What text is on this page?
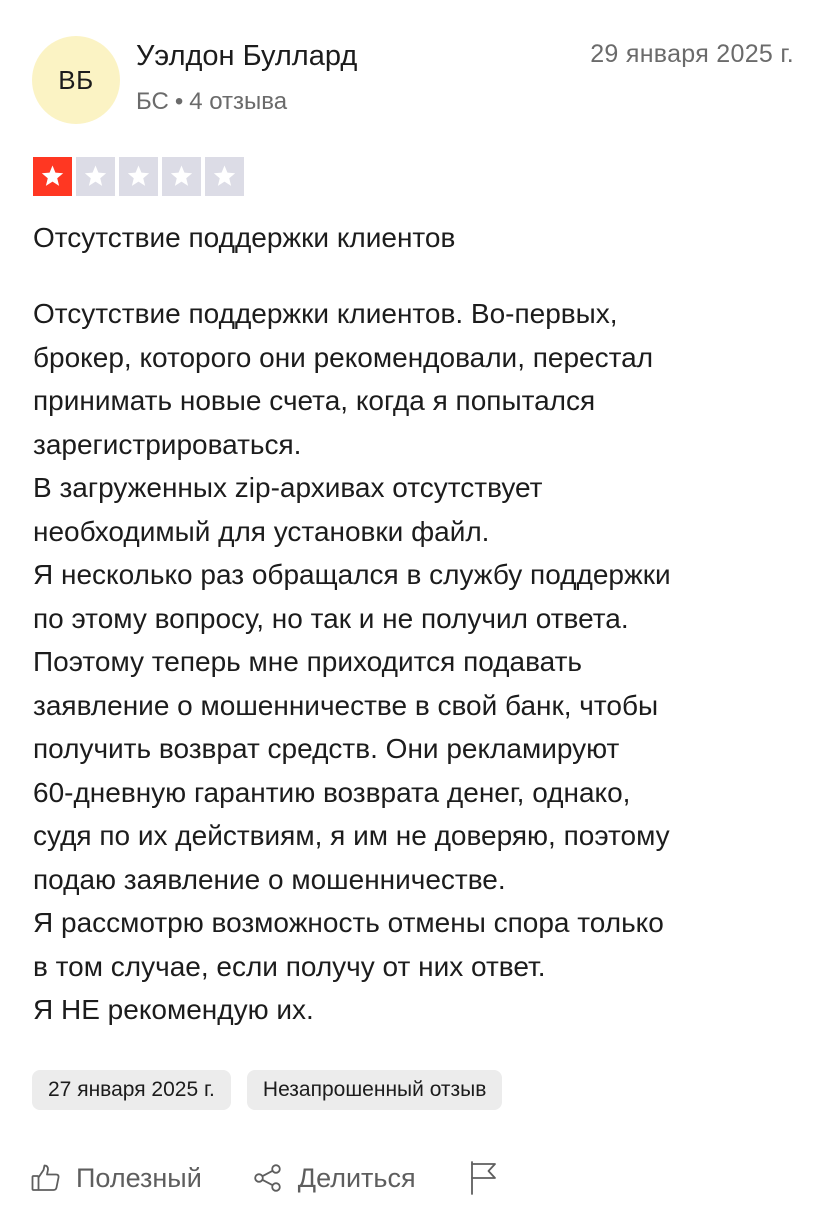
ВБ
Уэлдон Буллард
БС • 4 отзыва
29 января 2025 г.
Отсутствие поддержки клиентов
Отсутствие поддержки клиентов. Во-первых,
брокер, которого они рекомендовали, перестал
принимать новые счета, когда я попытался
зарегистрироваться.
В загруженных zip-архивах отсутствует
необходимый для установки файл.
Я несколько раз обращался в службу поддержки
по этому вопросу, но так и не получил ответа.
Поэтому теперь мне приходится подавать
заявление о мошенничестве в свой банк, чтобы
получить возврат средств. Они рекламируют
60-дневную гарантию возврата денег, однако,
судя по их действиям, я им не доверяю, поэтому
подаю заявление о мошенничестве.
Я рассмотрю возможность отмены спора только
в том случае, если получу от них ответ.
Я НЕ рекомендую их.
27 января 2025 г.	Незапрошенный отзыв
Полезный	Делиться
